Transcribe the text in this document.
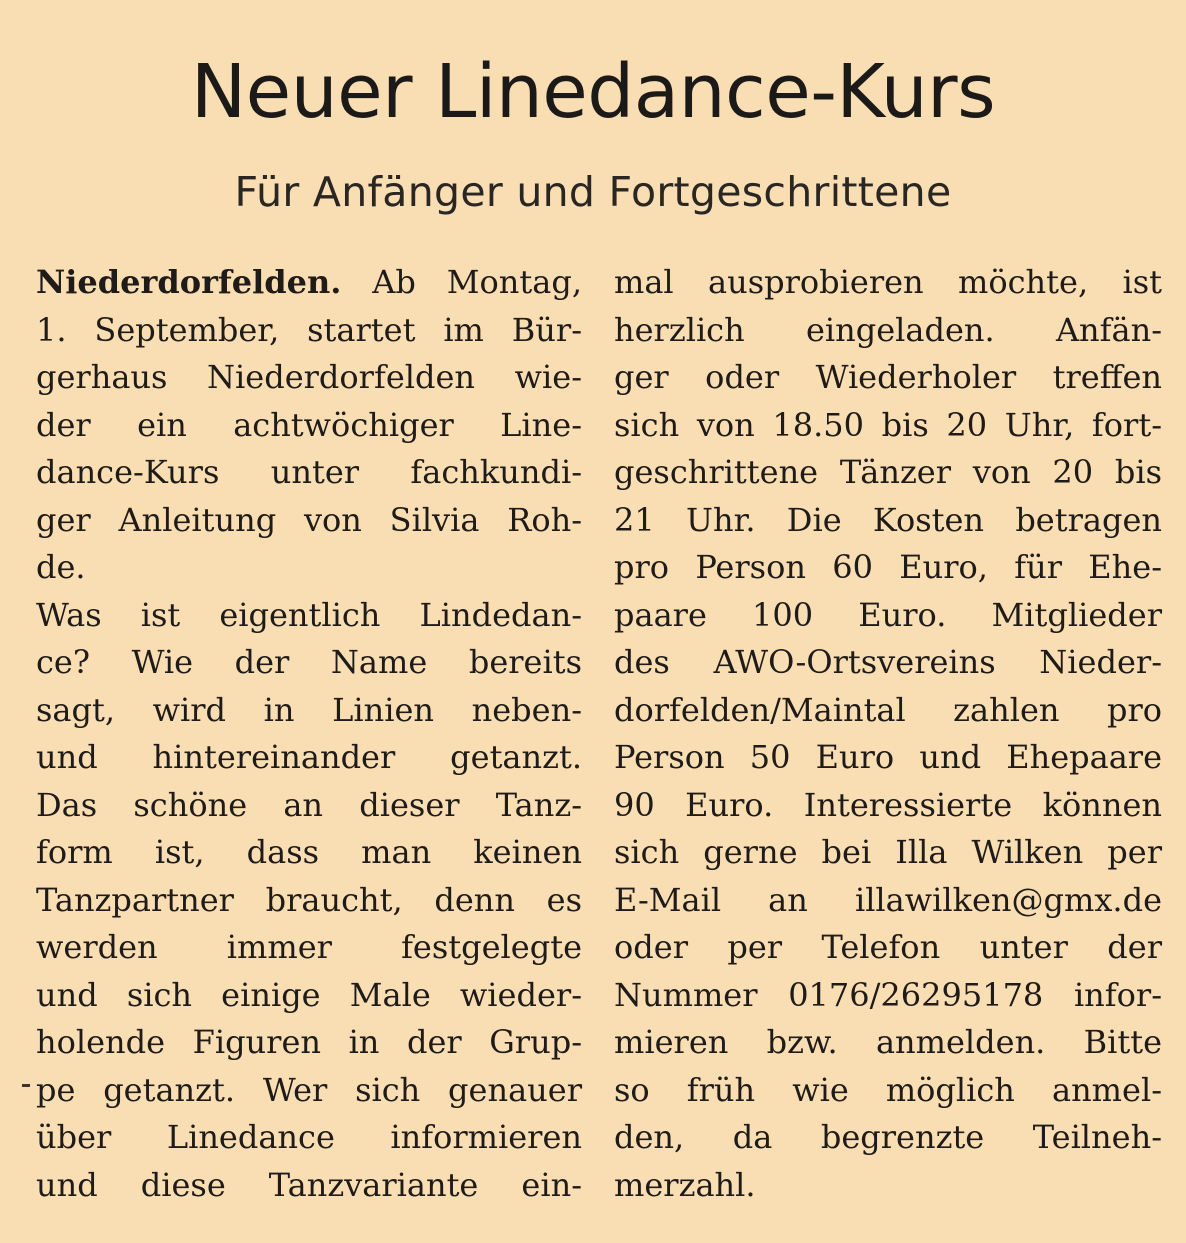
Neuer Linedance-Kurs
Für Anfänger und Fortgeschrittene
Niederdorfelden. Ab Montag,
1. September, startet im Bür-
gerhaus Niederdorfelden wie-
der ein achtwöchiger Line-
dance-Kurs unter fachkundi-
ger Anleitung von Silvia Roh-
de.
Was ist eigentlich Lindedan-
ce? Wie der Name bereits
sagt, wird in Linien neben-
und hintereinander getanzt.
Das schöne an dieser Tanz-
form ist, dass man keinen
Tanzpartner braucht, denn es
werden immer festgelegte
und sich einige Male wieder-
holende Figuren in der Grup-
pe getanzt. Wer sich genauer
über Linedance informieren
und diese Tanzvariante ein-
mal ausprobieren möchte, ist
herzlich eingeladen. Anfän-
ger oder Wiederholer treffen
sich von 18.50 bis 20 Uhr, fort-
geschrittene Tänzer von 20 bis
21 Uhr. Die Kosten betragen
pro Person 60 Euro, für Ehe-
paare 100 Euro. Mitglieder
des AWO-Ortsvereins Nieder-
dorfelden/Maintal zahlen pro
Person 50 Euro und Ehepaare
90 Euro. Interessierte können
sich gerne bei Illa Wilken per
E-Mail an illawilken@gmx.de
oder per Telefon unter der
Nummer 0176/26295178 infor-
mieren bzw. anmelden. Bitte
so früh wie möglich anmel-
den, da begrenzte Teilneh-
merzahl.
